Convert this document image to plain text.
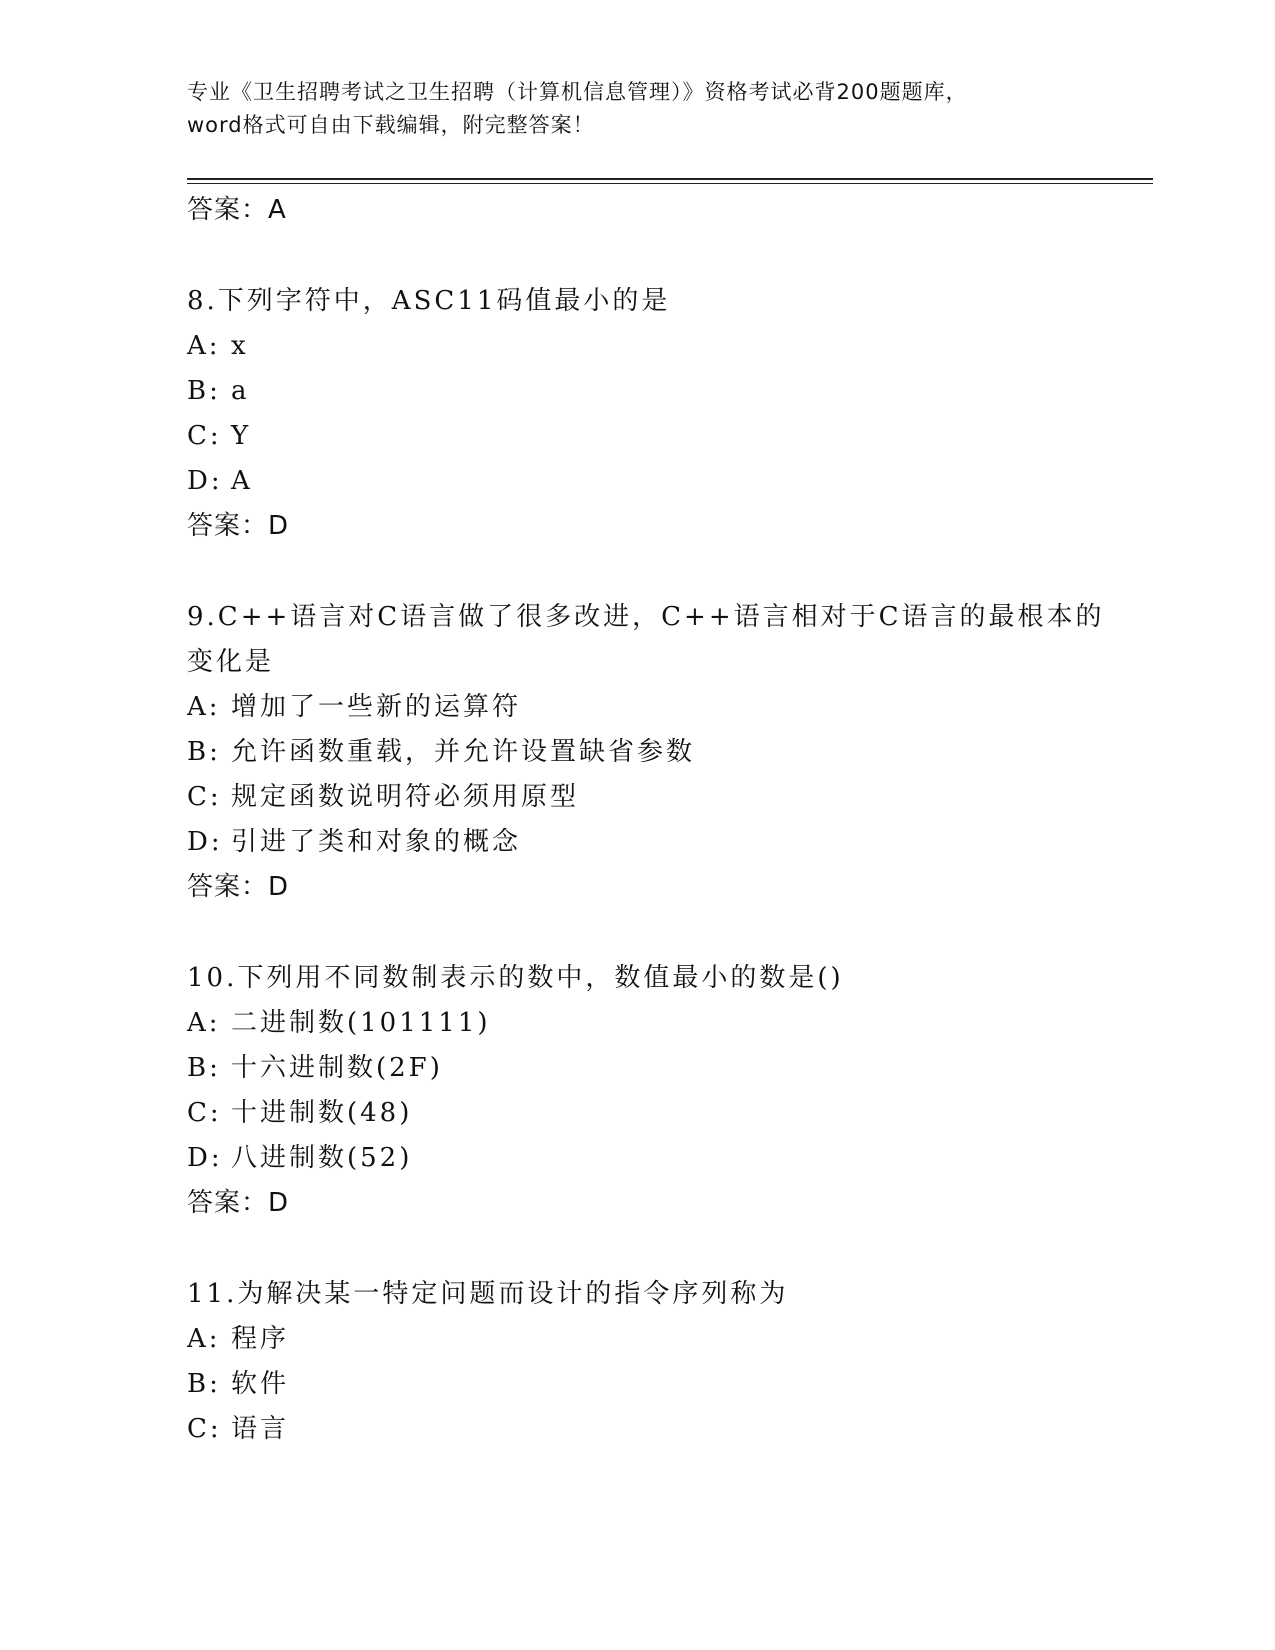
专业《卫生招聘考试之卫生招聘（计算机信息管理）》资格考试必背200题题库，
word格式可自由下载编辑，附完整答案！
答案：A
8.下列字符中，ASC11码值最小的是
A: x
B: a
C: Y
D: A
答案：D
9.C++语言对C语言做了很多改进，C++语言相对于C语言的最根本的
变化是
A: 增加了一些新的运算符
B: 允许函数重载，并允许设置缺省参数
C: 规定函数说明符必须用原型
D: 引进了类和对象的概念
答案：D
10.下列用不同数制表示的数中，数值最小的数是()
A: 二进制数(101111)
B: 十六进制数(2F)
C: 十进制数(48)
D: 八进制数(52)
答案：D
11.为解决某一特定问题而设计的指令序列称为
A: 程序
B: 软件
C: 语言
